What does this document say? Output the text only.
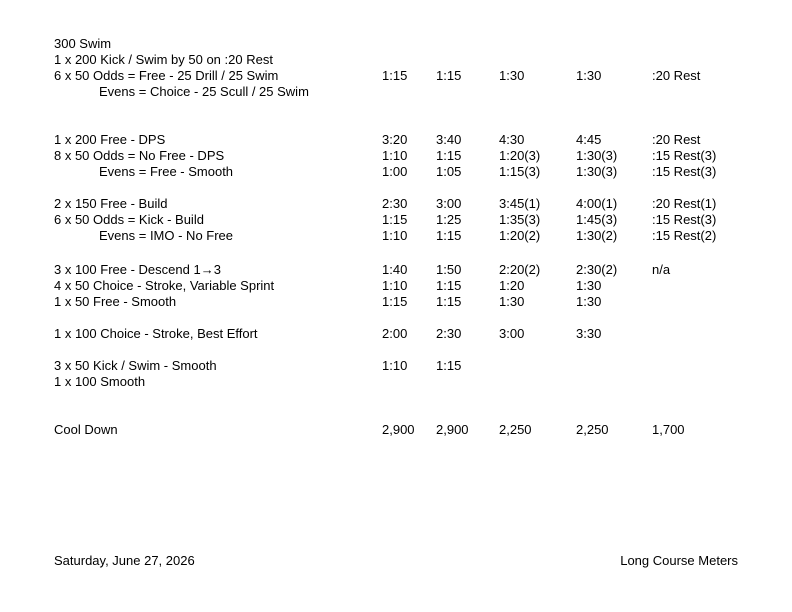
300 Swim
1 x 200 Kick / Swim by 50 on :20 Rest
6 x 50 Odds = Free - 25 Drill / 25 Swim	1:15 1:15	1:30	1:30	:20 Rest
Evens = Choice - 25 Scull / 25 Swim
1 x 200 Free - DPS	3:20 3:40	4:30	4:45	:20 Rest
8 x 50 Odds = No Free - DPS	1:10 1:15	1:20(3)	1:30(3)	:15 Rest(3)
Evens = Free - Smooth	1:00 1:05	1:15(3)	1:30(3)	:15 Rest(3)
2 x 150 Free - Build	2:30 3:00	3:45(1)	4:00(1)	:20 Rest(1)
6 x 50 Odds = Kick - Build	1:15 1:25	1:35(3)	1:45(3)	:15 Rest(3)
Evens = IMO - No Free	1:10 1:15	1:20(2)	1:30(2)	:15 Rest(2)
3 x 100 Free - Descend 1→3	1:40 1:50	2:20(2)	2:30(2)	n/a
4 x 50 Choice - Stroke, Variable Sprint	1:10 1:15	1:20	1:30
1 x 50 Free - Smooth	1:15 1:15	1:30	1:30
1 x 100 Choice - Stroke, Best Effort	2:00 2:30	3:00	3:30
3 x 50 Kick / Swim - Smooth	1:10 1:15
1 x 100 Smooth
Cool Down	2,900 2,900 2,250	2,250	1,700
Saturday, June 27, 2026	Long Course Meters
